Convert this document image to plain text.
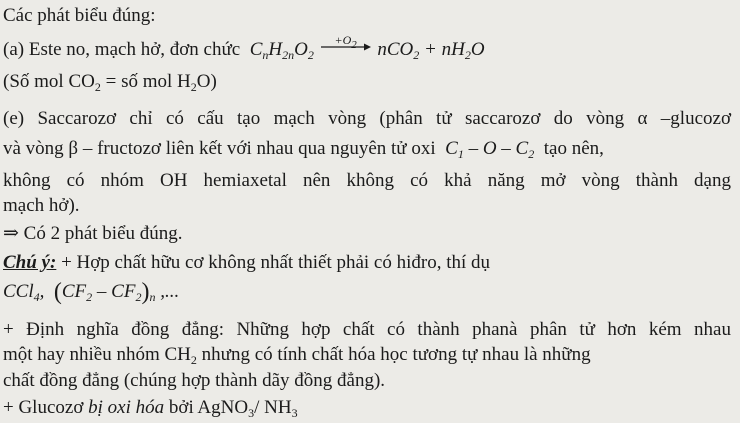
Các phát biểu đúng:
(a) Este no, mạch hở, đơn chức  $C_nH_{2n}O_2$
$+O_2$	$nCO_2 + nH_2O$
(Số mol $CO_2$ = số mol $H_2O$)
(e) Saccarozơ chỉ có cấu tạo mạch vòng (phân tử saccarozơ do vòng α –glucozơ
và vòng β – fructozơ liên kết với nhau qua nguyên tử oxi  $C_1$ – O – $C_2$ tạo nên,
không có nhóm OH hemiaxetal nên không có khả năng mở vòng thành dạng
mạch hở).
⇒ Có 2 phát biểu đúng.
Chú ý: + Hợp chất hữu cơ không nhất thiết phải có hiđro, thí dụ
CCl$_4$,  $(CF_2 - CF_2)_n$ ,...
+ Định nghĩa đồng đẳng: Những hợp chất có thành phanà phân tử hơn kém nhau
một hay nhiều nhóm $CH_2$ nhưng có tính chất hóa học tương tự nhau là những
chất đồng đẳng (chúng hợp thành dãy đồng đẳng).
+ Glucozơ bị oxi hóa bởi AgNO$_3$/ $NH_3$
